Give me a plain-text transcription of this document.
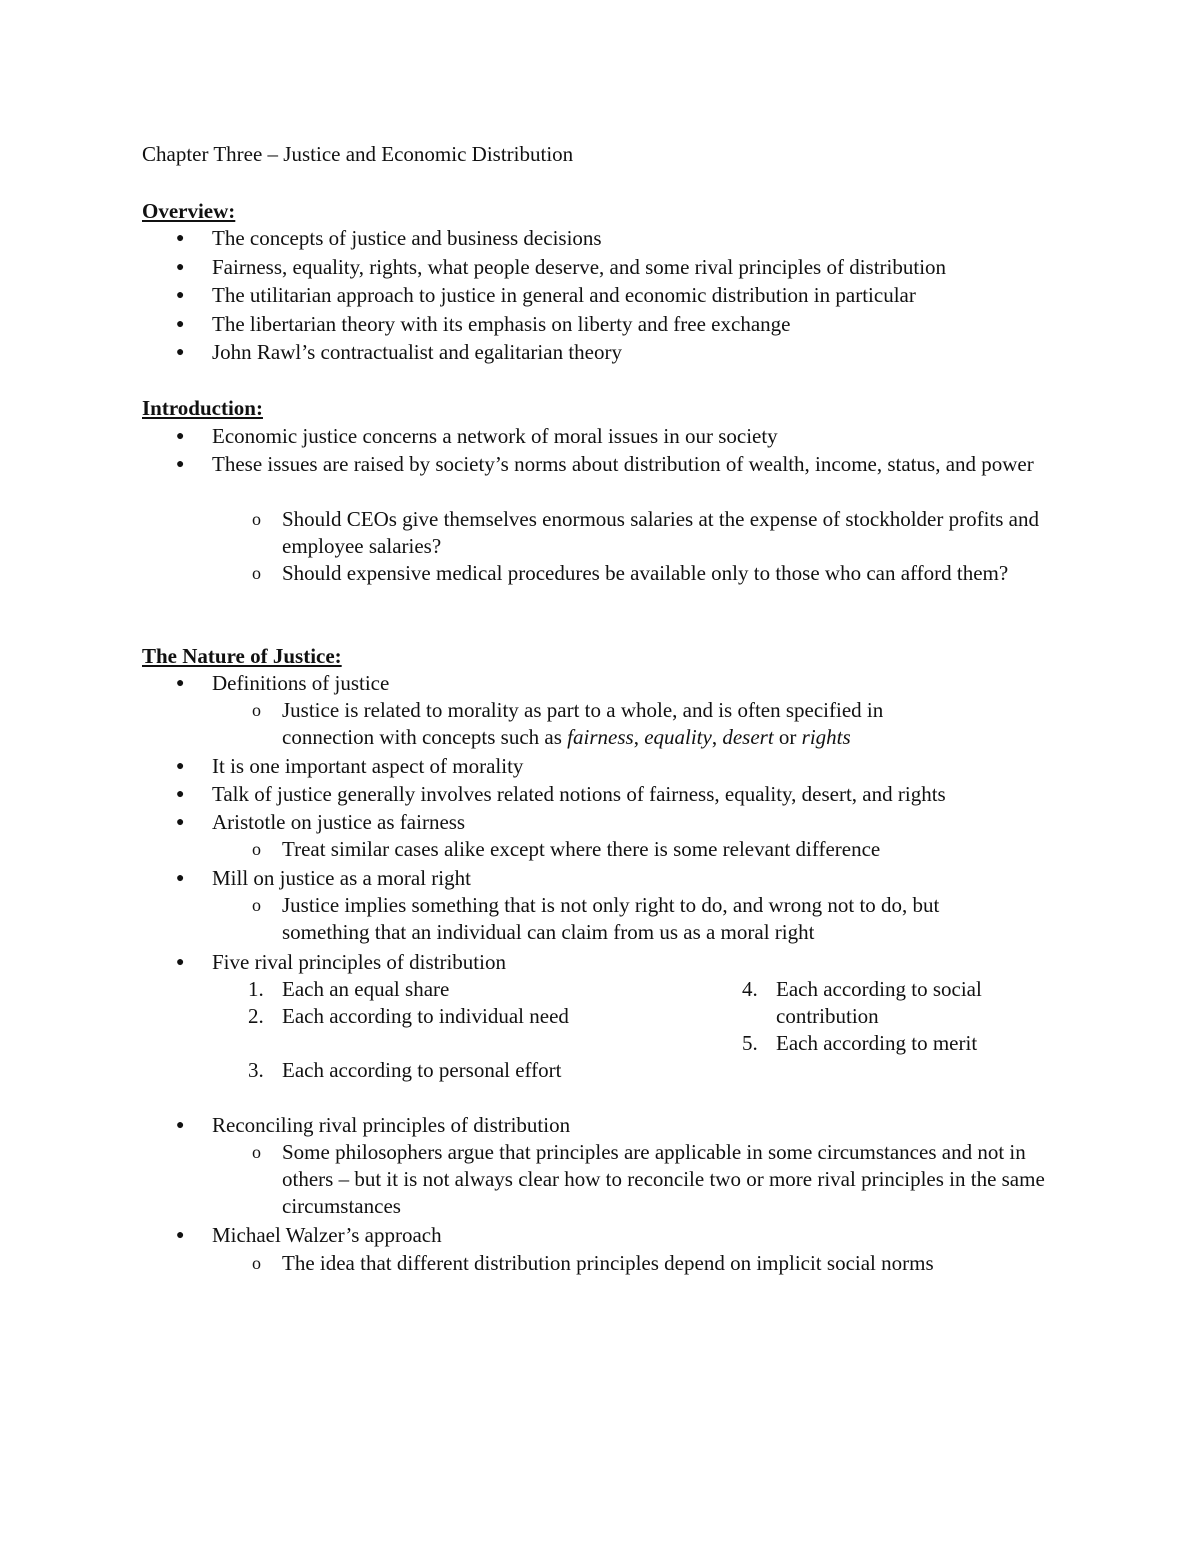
Chapter Three – Justice and Economic Distribution
Overview:
● The concepts of justice and business decisions
● Fairness, equality, rights, what people deserve, and some rival principles of distribution
● The utilitarian approach to justice in general and economic distribution in particular
● The libertarian theory with its emphasis on liberty and free exchange
● John Rawl’s contractualist and egalitarian theory
Introduction:
● Economic justice concerns a network of moral issues in our society
● These issues are raised by society’s norms about distribution of wealth, income, status, and power
o Should CEOs give themselves enormous salaries at the expense of stockholder profits and employee salaries?
o Should expensive medical procedures be available only to those who can afford them?
The Nature of Justice:
● Definitions of justice
o Justice is related to morality as part to a whole, and is often specified in connection with concepts such as fairness, equality, desert or rights
● It is one important aspect of morality
● Talk of justice generally involves related notions of fairness, equality, desert, and rights
● Aristotle on justice as fairness
o Treat similar cases alike except where there is some relevant difference
● Mill on justice as a moral right
o Justice implies something that is not only right to do, and wrong not to do, but something that an individual can claim from us as a moral right
● Five rival principles of distribution
1. Each an equal share
2. Each according to individual need
3. Each according to personal effort
4. Each according to social contribution
5. Each according to merit
● Reconciling rival principles of distribution
o Some philosophers argue that principles are applicable in some circumstances and not in others – but it is not always clear how to reconcile two or more rival principles in the same circumstances
● Michael Walzer’s approach
o The idea that different distribution principles depend on implicit social norms
